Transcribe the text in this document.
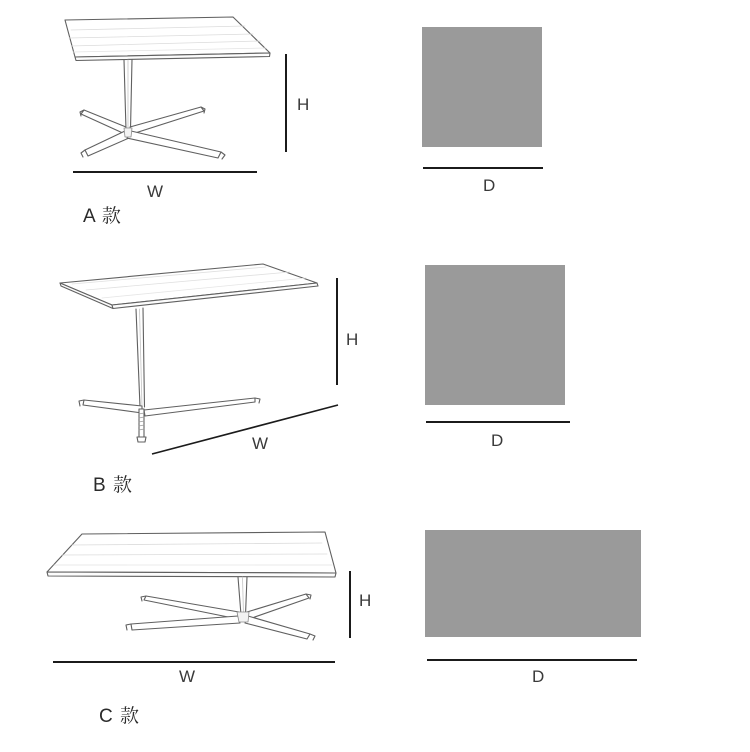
H
W
A 款
D
H
W
B 款
D
H
W
C 款
D
